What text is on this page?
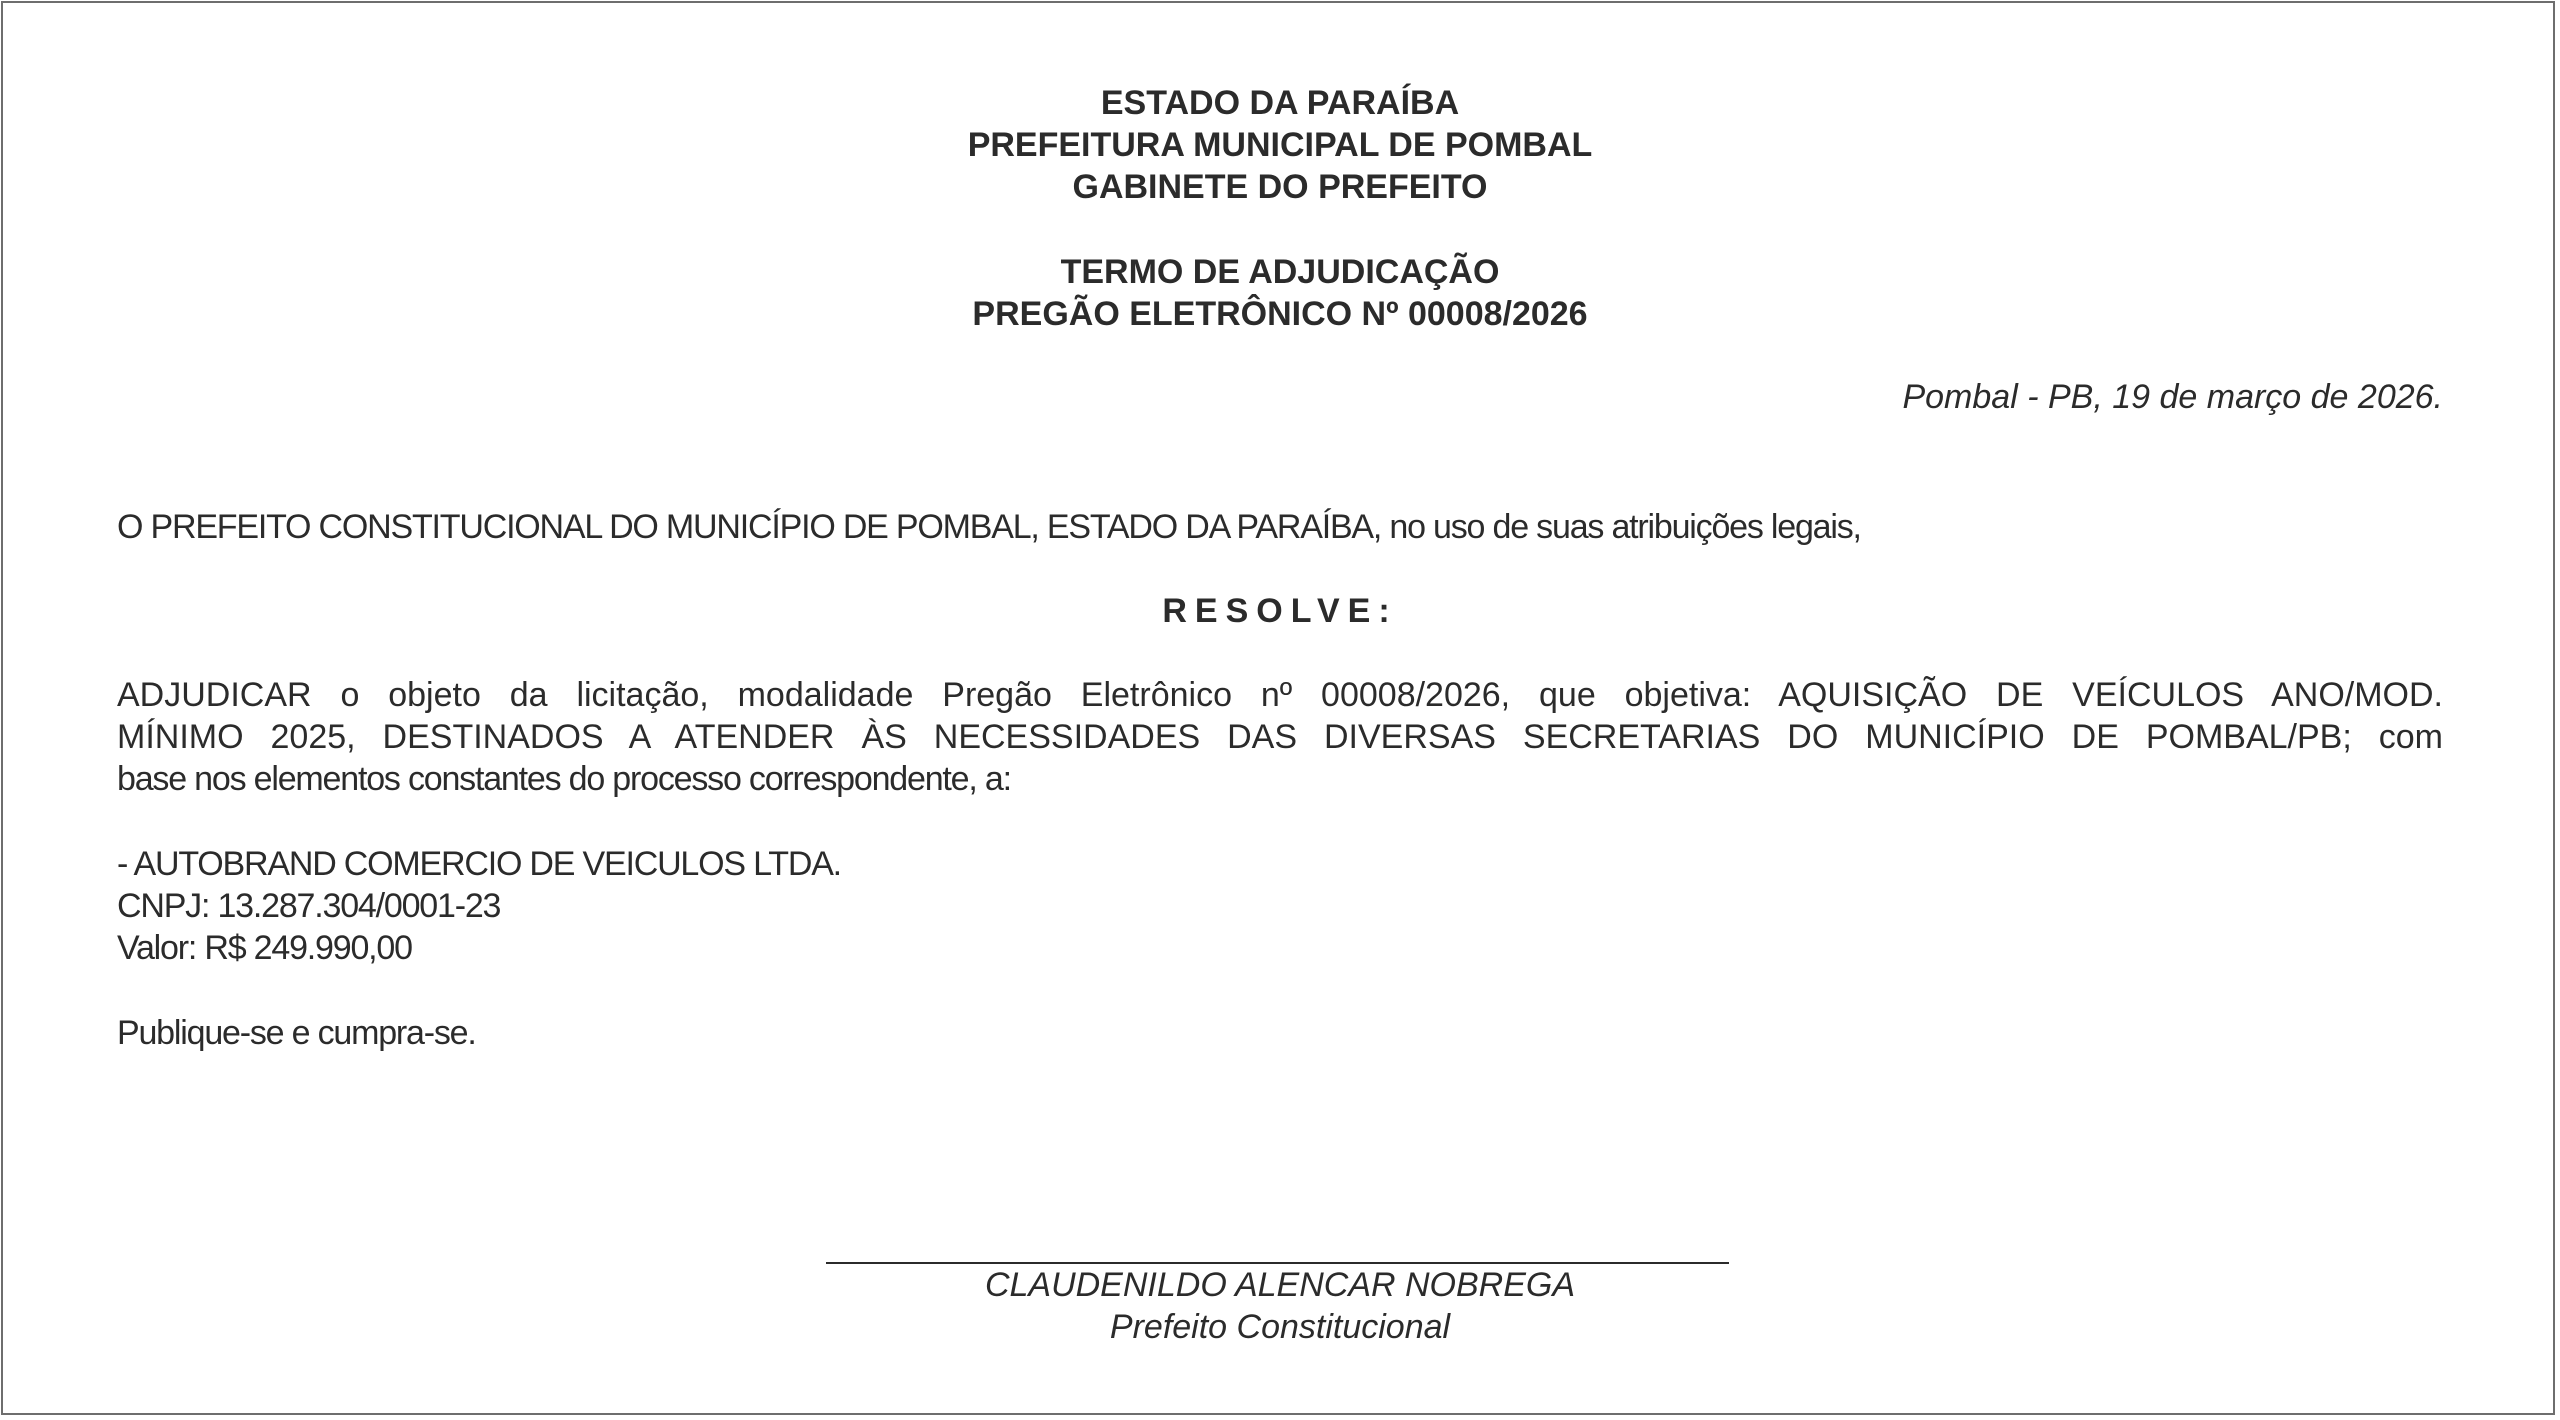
ESTADO DA PARAÍBA
PREFEITURA MUNICIPAL DE POMBAL
GABINETE DO PREFEITO
TERMO DE ADJUDICAÇÃO
PREGÃO ELETRÔNICO Nº 00008/2026
Pombal - PB, 19 de março de 2026.
O PREFEITO CONSTITUCIONAL DO MUNICÍPIO DE POMBAL, ESTADO DA PARAÍBA, no uso de suas atribuições legais,
RESOLVE:
ADJUDICAR o objeto da licitação, modalidade Pregão Eletrônico nº 00008/2026, que objetiva: AQUISIÇÃO DE VEÍCULOS ANO/MOD.
MÍNIMO 2025, DESTINADOS A ATENDER ÀS NECESSIDADES DAS DIVERSAS SECRETARIAS DO MUNICÍPIO DE POMBAL/PB; com
base nos elementos constantes do processo correspondente, a:
- AUTOBRAND COMERCIO DE VEICULOS LTDA.
CNPJ: 13.287.304/0001-23
Valor: R$ 249.990,00
Publique-se e cumpra-se.
CLAUDENILDO ALENCAR NOBREGA
Prefeito Constitucional
